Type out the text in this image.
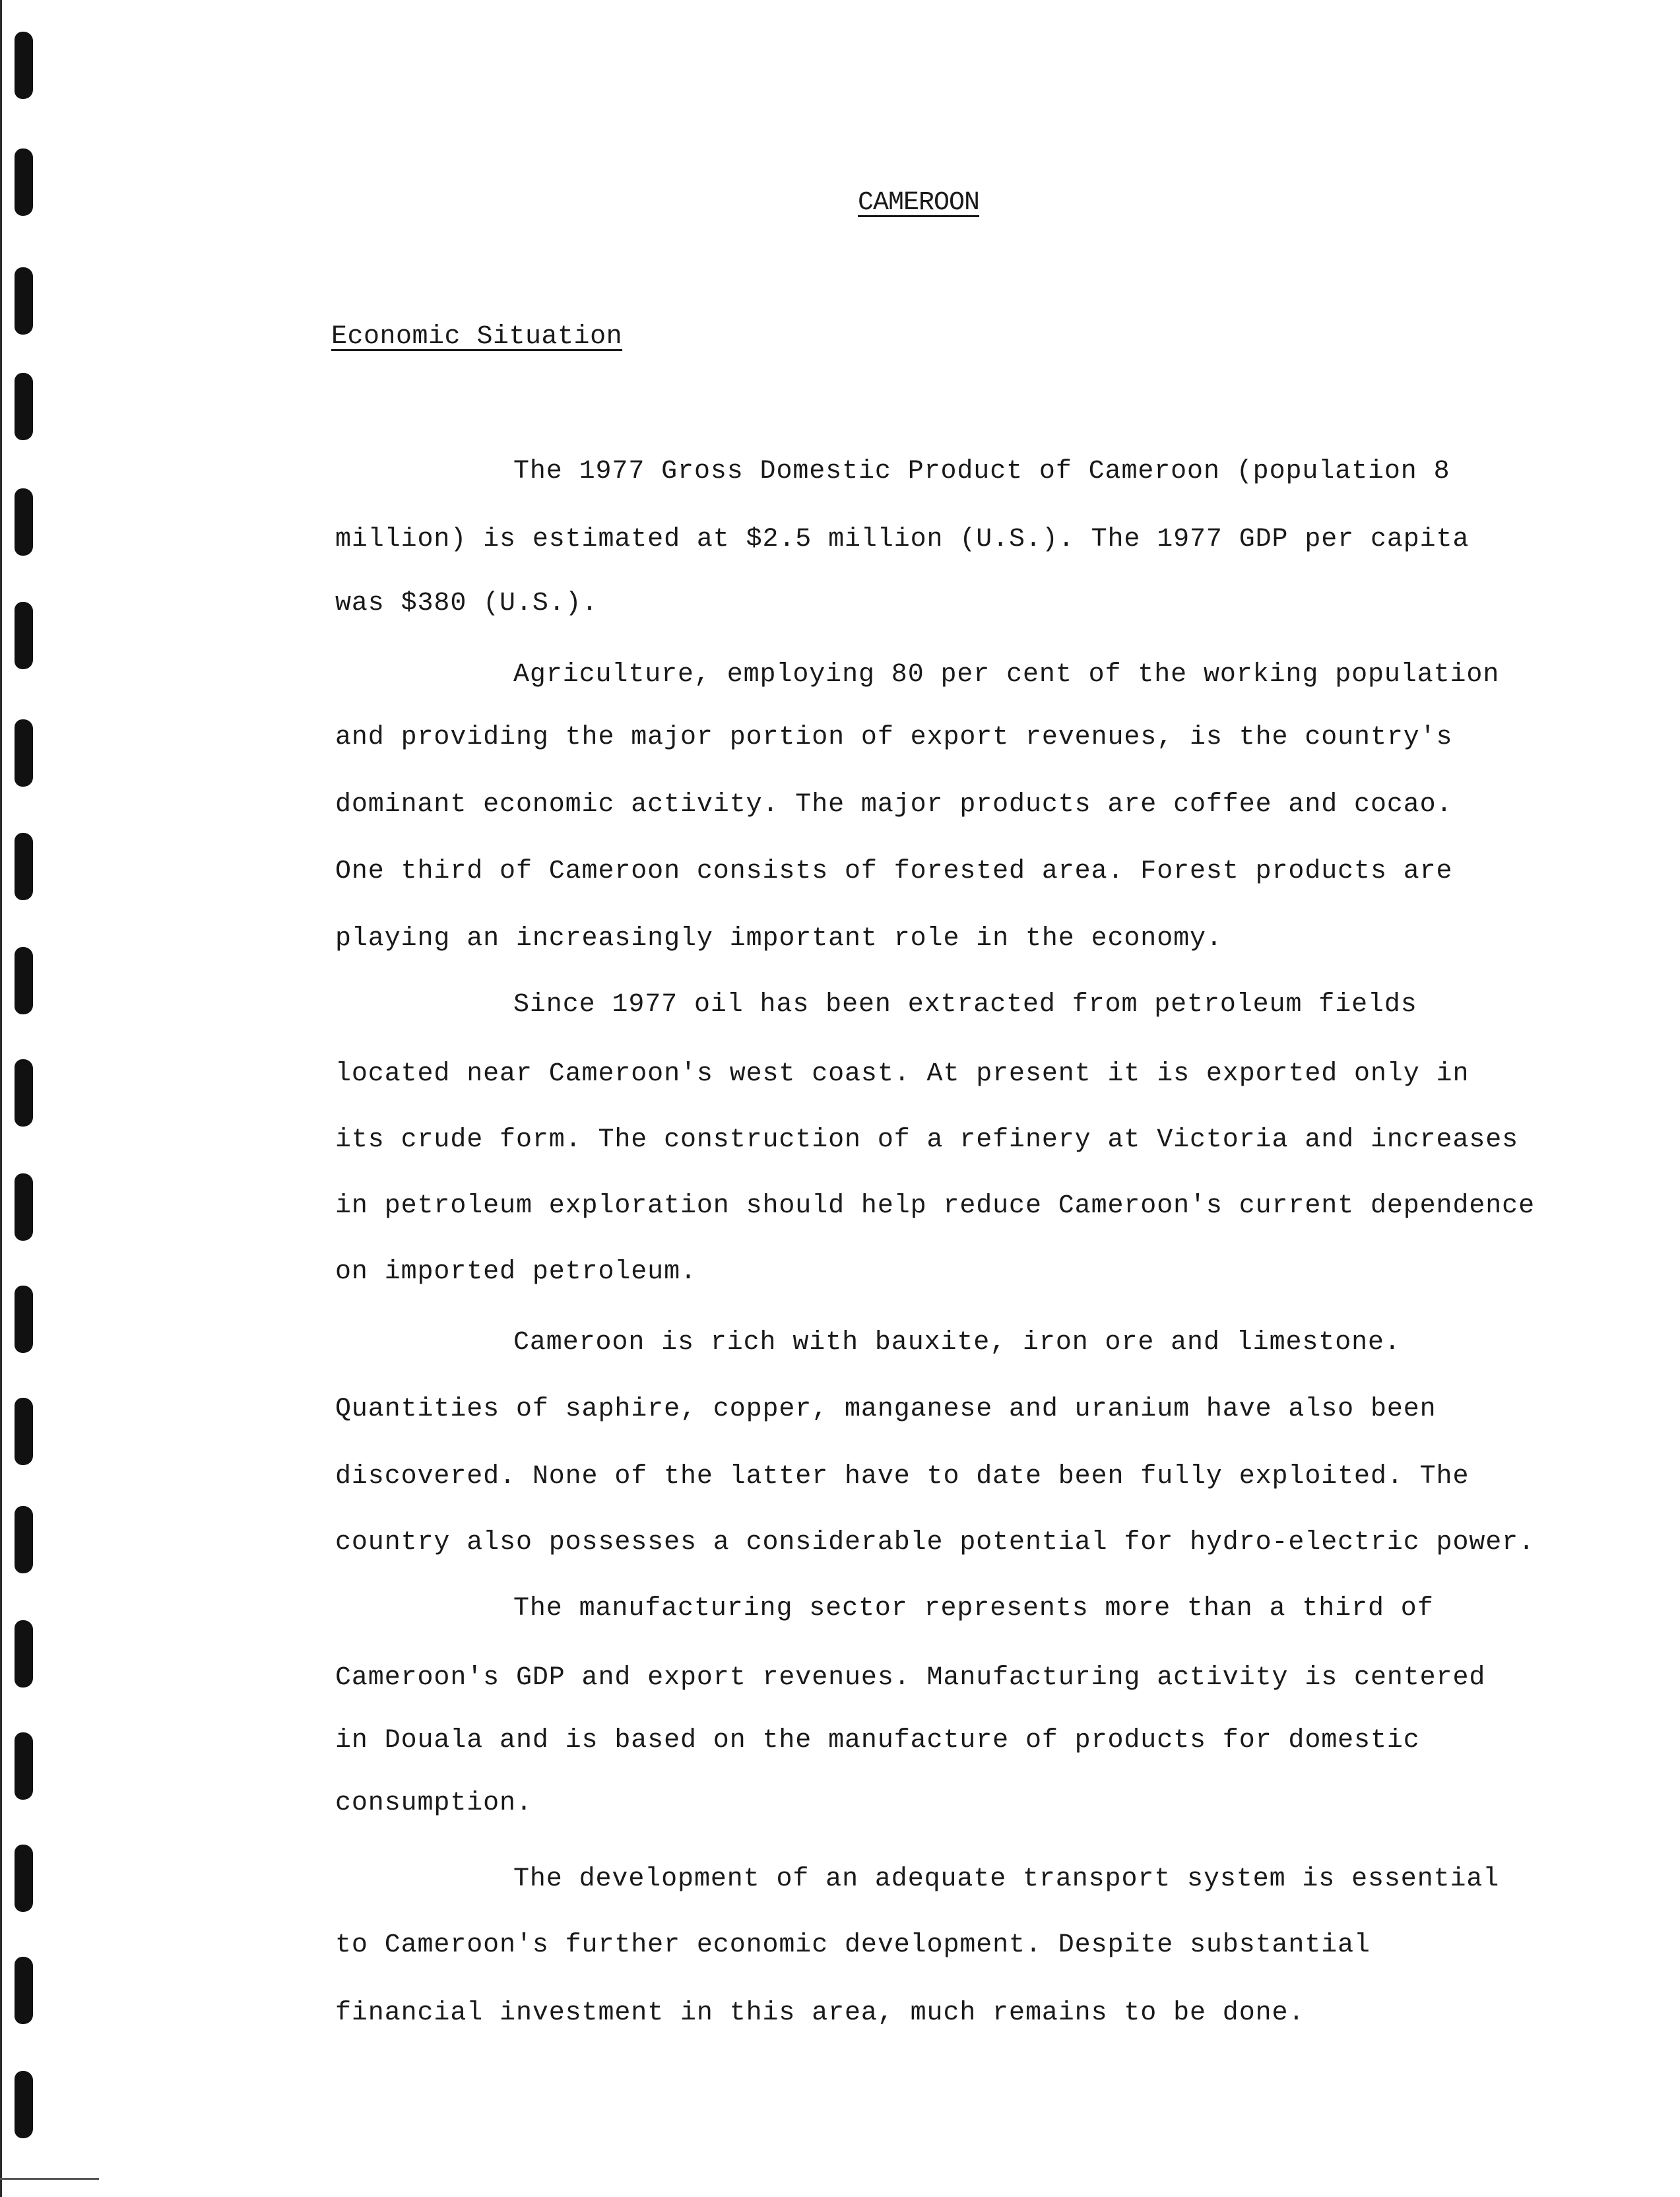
CAMEROON
Economic Situation
The 1977 Gross Domestic Product of Cameroon (population 8
million) is estimated at $2.5 million (U.S.). The 1977 GDP per capita
was $380 (U.S.).
Agriculture, employing 80 per cent of the working population
and providing the major portion of export revenues, is the country's
dominant economic activity. The major products are coffee and cocao.
One third of Cameroon consists of forested area. Forest products are
playing an increasingly important role in the economy.
Since 1977 oil has been extracted from petroleum fields
located near Cameroon's west coast. At present it is exported only in
its crude form. The construction of a refinery at Victoria and increases
in petroleum exploration should help reduce Cameroon's current dependence
on imported petroleum.
Cameroon is rich with bauxite, iron ore and limestone.
Quantities of saphire, copper, manganese and uranium have also been
discovered. None of the latter have to date been fully exploited. The
country also possesses a considerable potential for hydro-electric power.
The manufacturing sector represents more than a third of
Cameroon's GDP and export revenues. Manufacturing activity is centered
in Douala and is based on the manufacture of products for domestic
consumption.
The development of an adequate transport system is essential
to Cameroon's further economic development. Despite substantial
financial investment in this area, much remains to be done.
